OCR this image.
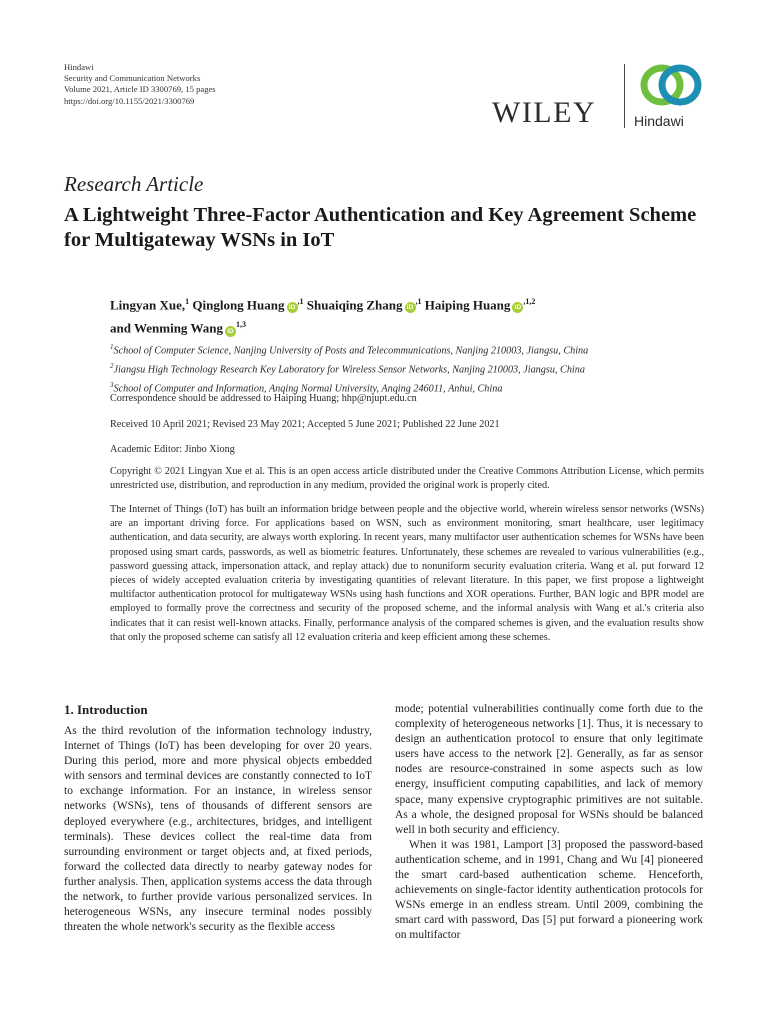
Hindawi
Security and Communication Networks
Volume 2021, Article ID 3300769, 15 pages
https://doi.org/10.1155/2021/3300769	WILEY	Hindawi
Research Article
A Lightweight Three-Factor Authentication and Key Agreement Scheme for Multigateway WSNs in IoT
Lingyan Xue,$^1$ Qinglong Huang $iD^{,1}$ Shuaiqing Zhang $iD^{,1}$ Haiping Huang $iD^{,1,2}$
and Wenming Wang iD$^{1,3}$
$^1$School of Computer Science, Nanjing University of Posts and Telecommunications, Nanjing 210003, Jiangsu, China
$^2$Jiangsu High Technology Research Key Laboratory for Wireless Sensor Networks, Nanjing 210003, Jiangsu, China
$^3$School of Computer and Information, Anqing Normal University, Anqing 246011, Anhui, China
Correspondence should be addressed to Haiping Huang; hhp@njupt.edu.cn
Received 10 April 2021; Revised 23 May 2021; Accepted 5 June 2021; Published 22 June 2021
Academic Editor: Jinbo Xiong

Copyright © 2021 Lingyan Xue et al. This is an open access article distributed under the Creative Commons Attribution License, which permits unrestricted use, distribution, and reproduction in any medium, provided the original work is properly cited.

The Internet of Things (IoT) has built an information bridge between people and the objective world, wherein wireless sensor networks (WSNs) are an important driving force. For applications based on WSN, such as environment monitoring, smart healthcare, user legitimacy authentication, and data security, are always worth exploring. In recent years, many multifactor user authentication schemes for WSNs have been proposed using smart cards, passwords, as well as biometric features. Unfortunately, these schemes are revealed to various vulnerabilities (e.g., password guessing attack, impersonation attack, and replay attack) due to nonuniform security evaluation criteria. Wang et al. put forward 12 pieces of widely accepted evaluation criteria by investigating quantities of relevant literature. In this paper, we first propose a lightweight multifactor authentication protocol for multigateway WSNs using hash functions and XOR operations. Further, BAN logic and BPR model are employed to formally prove the correctness and security of the proposed scheme, and the informal analysis with Wang et al.'s criteria also indicates that it can resist well-known attacks. Finally, performance analysis of the compared schemes is given, and the evaluation results show that only the proposed scheme can satisfy all 12 evaluation criteria and keep efficient among these schemes.

1. Introduction

As the third revolution of the information technology industry, Internet of Things (IoT) has been developing for over 20 years. During this period, more and more physical objects embedded with sensors and terminal devices are constantly connected to IoT to exchange information. For an instance, in wireless sensor networks (WSNs), tens of thousands of different sensors are deployed everywhere (e.g., architectures, bridges, and intelligent terminals). These devices collect the real-time data from surrounding environment or target objects and, at fixed periods, forward the collected data directly to nearby gateway nodes for further analysis. Then, application systems access the data through the network, to further provide various personalized services. In heterogeneous WSNs, any insecure terminal nodes possibly threaten the whole network's security as the flexible access

mode; potential vulnerabilities continually come forth due to the complexity of heterogeneous networks [1]. Thus, it is necessary to design an authentication protocol to ensure that only legitimate users have access to the network [2]. Generally, as far as sensor nodes are resource-constrained in some aspects such as low energy, insufficient computing capabilities, and lack of memory space, many expensive cryptographic primitives are not suitable. As a whole, the designed proposal for WSNs should be balanced well in both security and efficiency.

When it was 1981, Lamport [3] proposed the password-based authentication scheme, and in 1991, Chang and Wu [4] pioneered the smart card-based authentication scheme. Henceforth, achievements on single-factor identity authentication protocols for WSNs emerge in an endless stream. Until 2009, combining the smart card with password, Das [5] put forward a pioneering work on multifactor
